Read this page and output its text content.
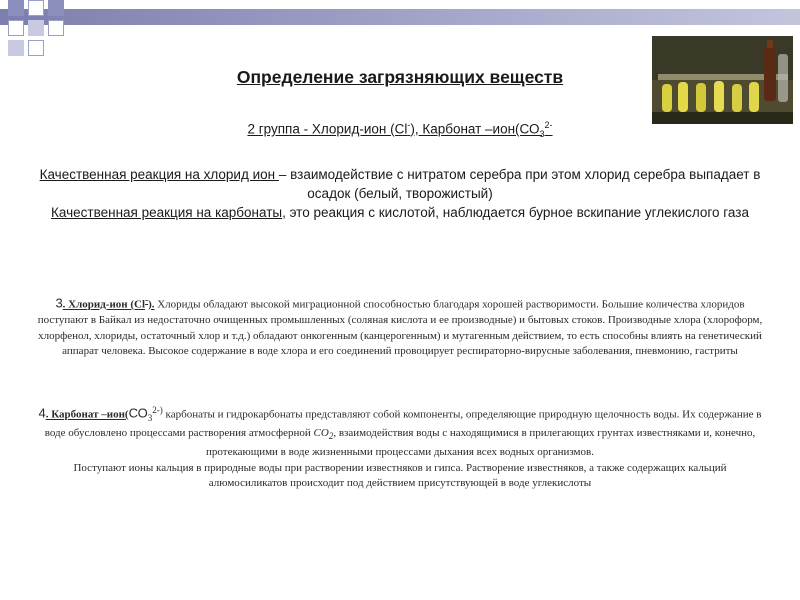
Определение загрязняющих веществ
2 группа - Хлорид-ион (Cl-), Карбонат $-ион(СО_3^{2-}$
Качественная реакция на хлорид ион – взаимодействие с нитратом серебра при этом хлорид серебра выпадает в осадок (белый, творожистый)
Качественная реакция на карбонаты, это реакция с кислотой, наблюдается бурное вскипание углекислого газа
3. Хлорид-ион (Cl-). Хлориды обладают высокой миграционной способностью благодаря хорошей растворимости. Большие количества хлоридов поступают в Байкал из недостаточно очищенных промышленных (соляная кислота и ее производные) и бытовых стоков. Производные хлора (хлороформ, хлорфенол, хлориды, остаточный хлор и т.д.) обладают онкогенным (канцерогенным) и мутагенным действием, то есть способны влиять на генетический аппарат человека. Высокое содержание в воде хлора и его соединений провоцирует респираторно-вирусные заболевания, пневмонию, гастриты
4. Карбонат $-ион(СО_3^{2-)}$ карбонаты и гидрокарбонаты представляют собой компоненты, определяющие природную щелочность воды. Их содержание в воде обусловлено процессами растворения атмосферной $CO_2$, взаимодействия воды с находящимися в прилегающих грунтах известняками и, конечно, протекающими в воде жизненными процессами дыхания всех водных организмов.
Поступают ионы кальция в природные воды при растворении известняков и гипса. Растворение известняков, а также содержащих кальций алюмосиликатов происходит под действием присутствующей в воде углекислоты
